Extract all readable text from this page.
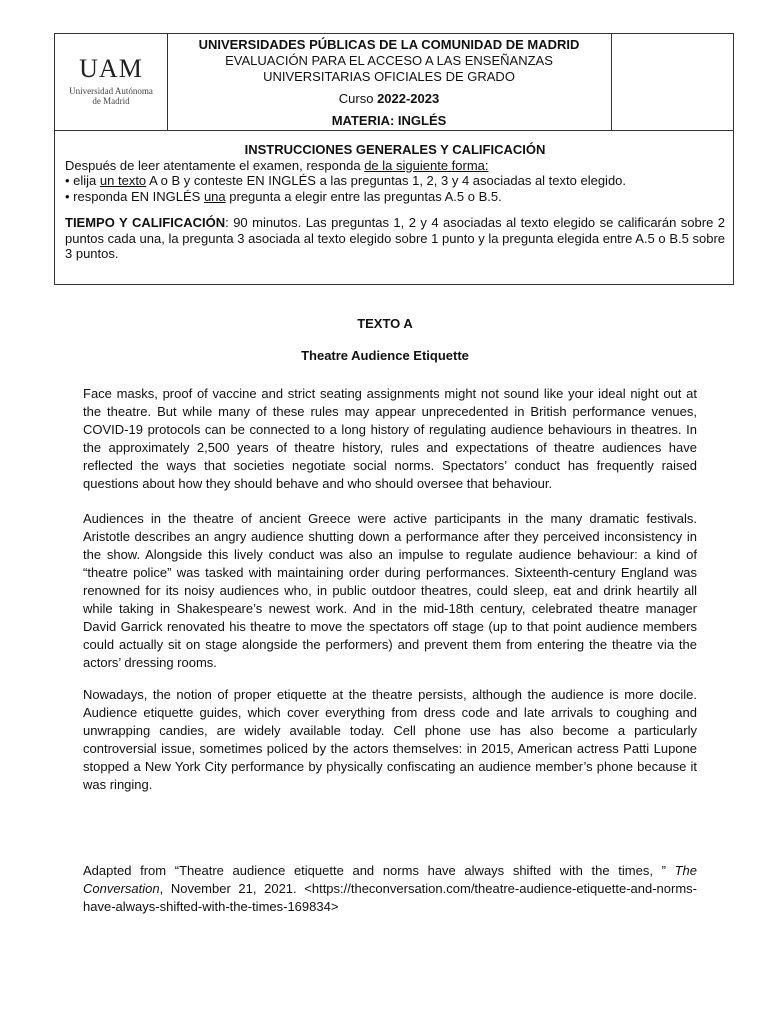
UAM
Universidad Autónoma
de Madrid
UNIVERSIDADES PÚBLICAS DE LA COMUNIDAD DE MADRID
EVALUACIÓN PARA EL ACCESO A LAS ENSEÑANZAS
UNIVERSITARIAS OFICIALES DE GRADO
Curso 2022-2023
MATERIA: INGLÉS
INSTRUCCIONES GENERALES Y CALIFICACIÓN
Después de leer atentamente el examen, responda de la siguiente forma:
• elija un texto A o B y conteste EN INGLÉS a las preguntas 1, 2, 3 y 4 asociadas al texto elegido.
• responda EN INGLÉS una pregunta a elegir entre las preguntas A.5 o B.5.
TIEMPO Y CALIFICACIÓN: 90 minutos. Las preguntas 1, 2 y 4 asociadas al texto elegido se calificarán sobre 2 puntos cada una, la pregunta 3 asociada al texto elegido sobre 1 punto y la pregunta elegida entre A.5 o B.5 sobre 3 puntos.
TEXTO A
Theatre Audience Etiquette
Face masks, proof of vaccine and strict seating assignments might not sound like your ideal night out at the theatre. But while many of these rules may appear unprecedented in British performance venues, COVID-19 protocols can be connected to a long history of regulating audience behaviours in theatres. In the approximately 2,500 years of theatre history, rules and expectations of theatre audiences have reflected the ways that societies negotiate social norms. Spectators’ conduct has frequently raised questions about how they should behave and who should oversee that behaviour.
Audiences in the theatre of ancient Greece were active participants in the many dramatic festivals. Aristotle describes an angry audience shutting down a performance after they perceived inconsistency in the show. Alongside this lively conduct was also an impulse to regulate audience behaviour: a kind of “theatre police” was tasked with maintaining order during performances. Sixteenth-century England was renowned for its noisy audiences who, in public outdoor theatres, could sleep, eat and drink heartily all while taking in Shakespeare’s newest work. And in the mid-18th century, celebrated theatre manager David Garrick renovated his theatre to move the spectators off stage (up to that point audience members could actually sit on stage alongside the performers) and prevent them from entering the theatre via the actors’ dressing rooms.
Nowadays, the notion of proper etiquette at the theatre persists, although the audience is more docile. Audience etiquette guides, which cover everything from dress code and late arrivals to coughing and unwrapping candies, are widely available today. Cell phone use has also become a particularly controversial issue, sometimes policed by the actors themselves: in 2015, American actress Patti Lupone stopped a New York City performance by physically confiscating an audience member’s phone because it was ringing.
Adapted from “Theatre audience etiquette and norms have always shifted with the times, ” The Conversation, November 21, 2021. <https://theconversation.com/theatre-audience-etiquette-and-norms-have-always-shifted-with-the-times-169834>
